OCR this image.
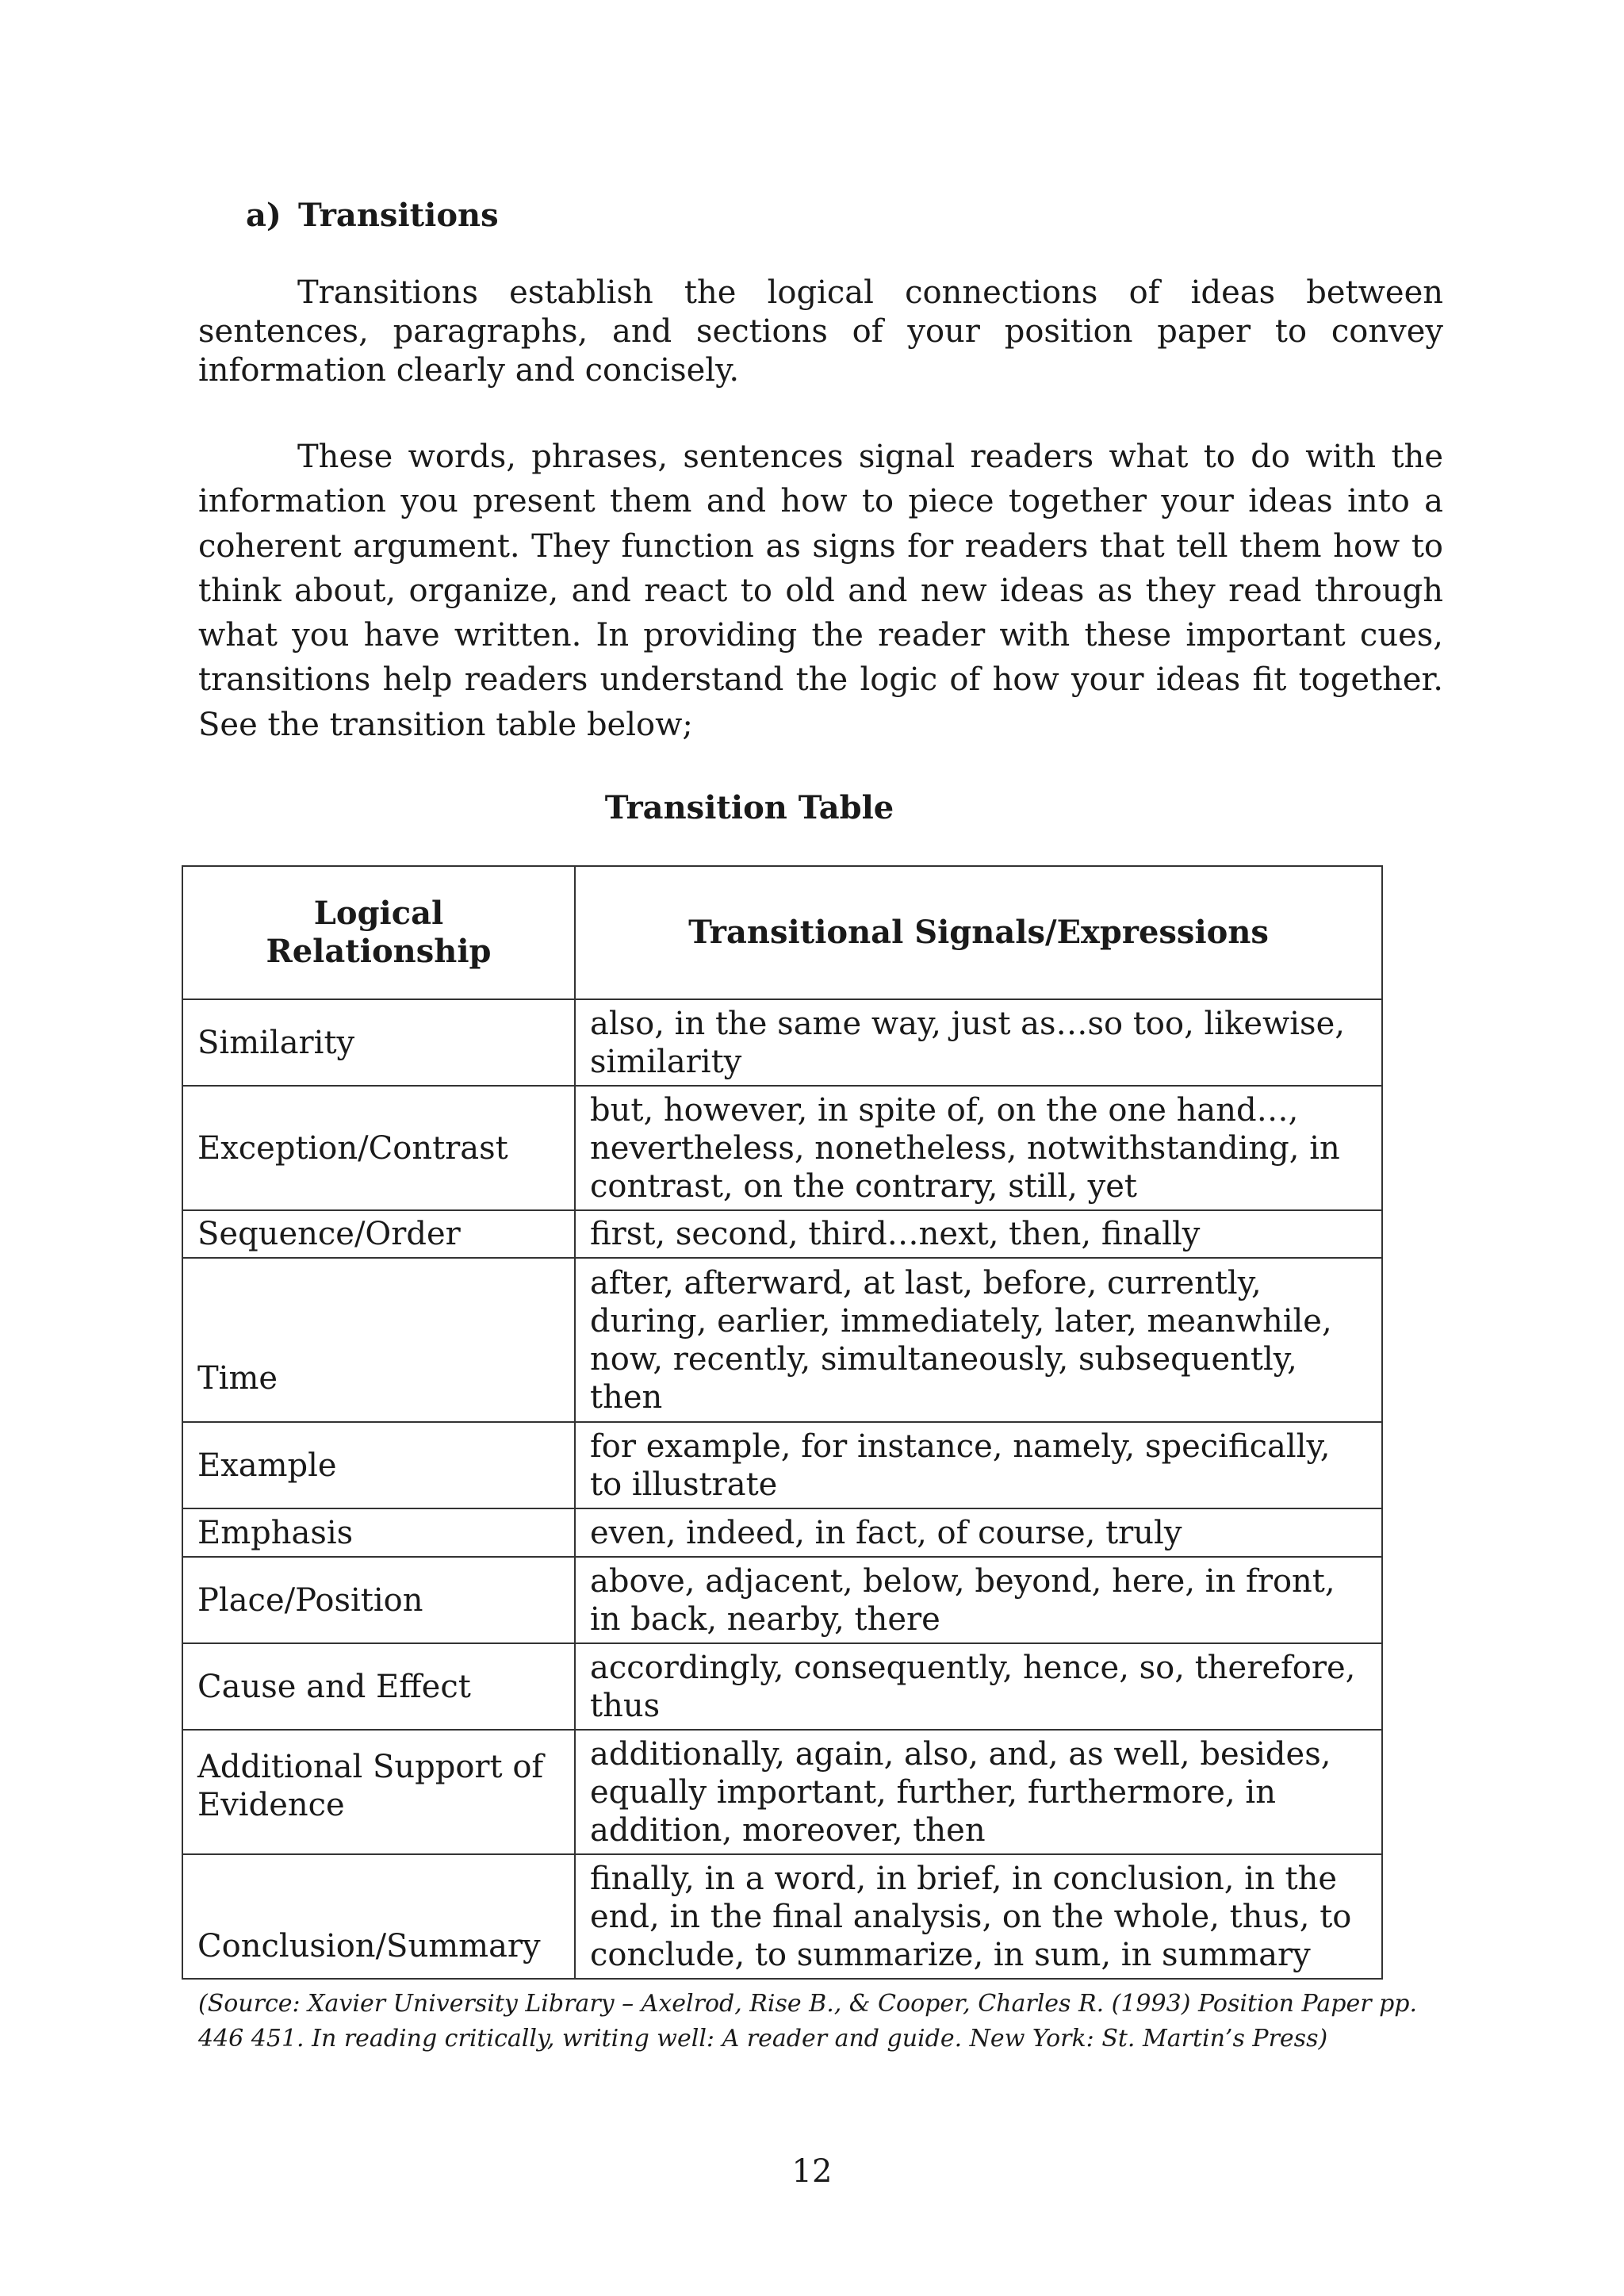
a) Transitions

Transitions establish the logical connections of ideas between sentences, paragraphs, and sections of your position paper to convey information clearly and concisely.

These words, phrases, sentences signal readers what to do with the information you present them and how to piece together your ideas into a coherent argument. They function as signs for readers that tell them how to think about, organize, and react to old and new ideas as they read through what you have written. In providing the reader with these important cues, transitions help readers understand the logic of how your ideas fit together. See the transition table below;

Transition Table
Logical Relationship	Transitional Signals/Expressions
Similarity	also, in the same way, just as…so too, likewise, similarity
Exception/Contrast	but, however, in spite of, on the one hand…, nevertheless, nonetheless, notwithstanding, in contrast, on the contrary, still, yet
Sequence/Order	first, second, third…next, then, finally
Time	after, afterward, at last, before, currently, during, earlier, immediately, later, meanwhile, now, recently, simultaneously, subsequently, then
Example	for example, for instance, namely, specifically, to illustrate
Emphasis	even, indeed, in fact, of course, truly
Place/Position	above, adjacent, below, beyond, here, in front, in back, nearby, there
Cause and Effect	accordingly, consequently, hence, so, therefore, thus
Additional Support of Evidence	additionally, again, also, and, as well, besides, equally important, further, furthermore, in addition, moreover, then
Conclusion/Summary	finally, in a word, in brief, in conclusion, in the end, in the final analysis, on the whole, thus, to conclude, to summarize, in sum, in summary

(Source: Xavier University Library – Axelrod, Rise B., & Cooper, Charles R. (1993) Position Paper pp. 446 451. In reading critically, writing well: A reader and guide. New York: St. Martin’s Press)

12
